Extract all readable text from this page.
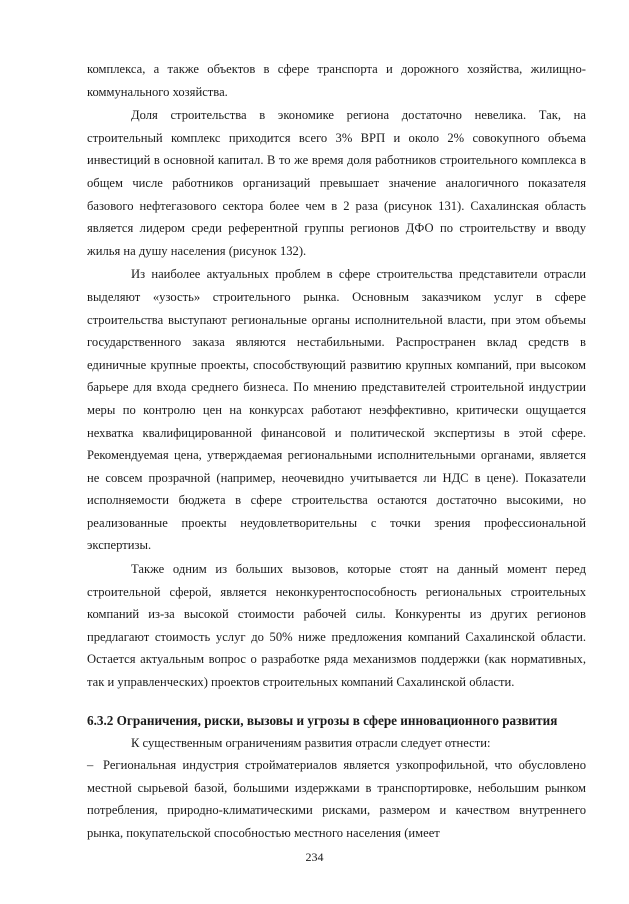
комплекса, а также объектов в сфере транспорта и дорожного хозяйства, жилищно-коммунального хозяйства.

Доля строительства в экономике региона достаточно невелика. Так, на строительный комплекс приходится всего 3% ВРП и около 2% совокупного объема инвестиций в основной капитал. В то же время доля работников строительного комплекса в общем числе работников организаций превышает значение аналогичного показателя базового нефтегазового сектора более чем в 2 раза (рисунок 131). Сахалинская область является лидером среди референтной группы регионов ДФО по строительству и вводу жилья на душу населения (рисунок 132).

Из наиболее актуальных проблем в сфере строительства представители отрасли выделяют «узость» строительного рынка. Основным заказчиком услуг в сфере строительства выступают региональные органы исполнительной власти, при этом объемы государственного заказа являются нестабильными. Распространен вклад средств в единичные крупные проекты, способствующий развитию крупных компаний, при высоком барьере для входа среднего бизнеса. По мнению представителей строительной индустрии меры по контролю цен на конкурсах работают неэффективно, критически ощущается нехватка квалифицированной финансовой и политической экспертизы в этой сфере. Рекомендуемая цена, утверждаемая региональными исполнительными органами, является не совсем прозрачной (например, неочевидно учитывается ли НДС в цене). Показатели исполняемости бюджета в сфере строительства остаются достаточно высокими, но реализованные проекты неудовлетворительны с точки зрения профессиональной экспертизы.

Также одним из больших вызовов, которые стоят на данный момент перед строительной сферой, является неконкурентоспособность региональных строительных компаний из-за высокой стоимости рабочей силы. Конкуренты из других регионов предлагают стоимость услуг до 50% ниже предложения компаний Сахалинской области. Остается актуальным вопрос о разработке ряда механизмов поддержки (как нормативных, так и управленческих) проектов строительных компаний Сахалинской области.

6.3.2 Ограничения, риски, вызовы и угрозы в сфере инновационного развития

К существенным ограничениям развития отрасли следует отнести:

– Региональная индустрия стройматериалов является узкопрофильной, что обусловлено местной сырьевой базой, большими издержками в транспортировке, небольшим рынком потребления, природно-климатическими рисками, размером и качеством внутреннего рынка, покупательской способностью местного населения (имеет

234
